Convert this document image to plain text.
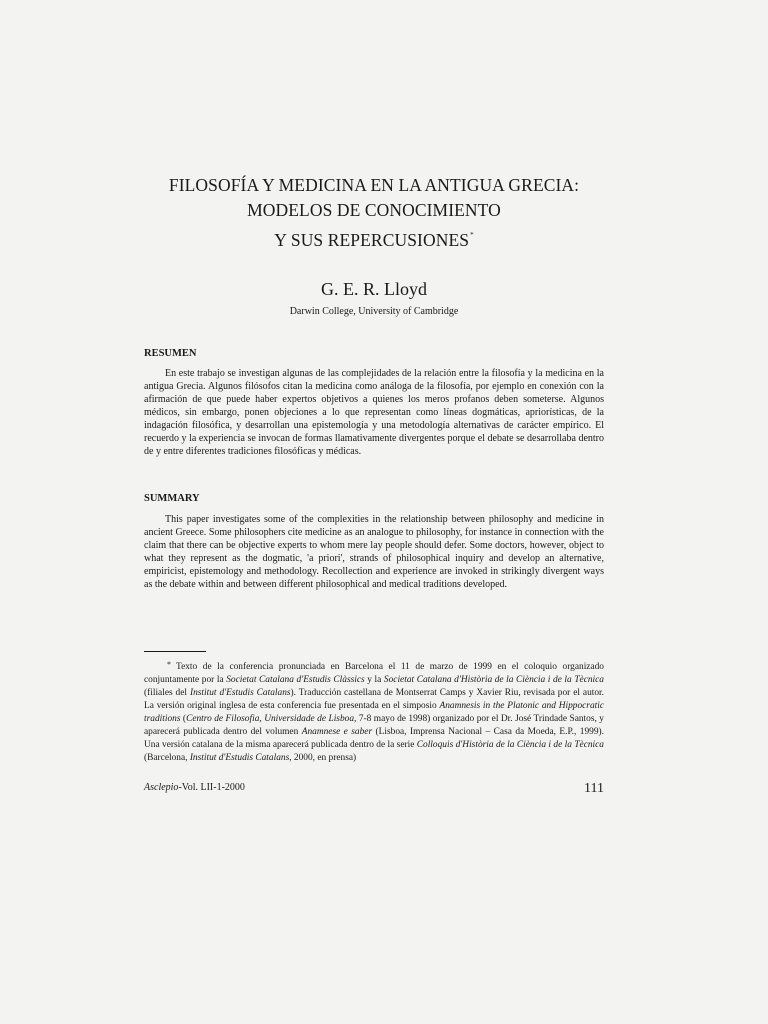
FILOSOFÍA Y MEDICINA EN LA ANTIGUA GRECIA:
MODELOS DE CONOCIMIENTO
Y SUS REPERCUSIONES*
G. E. R. Lloyd
Darwin College, University of Cambridge
RESUMEN
En este trabajo se investigan algunas de las complejidades de la relación entre la filosofía y la medicina en la antigua Grecia. Algunos filósofos citan la medicina como análoga de la filosofía, por ejemplo en conexión con la afirmación de que puede haber expertos objetivos a quienes los meros profanos deben someterse. Algunos médicos, sin embargo, ponen objeciones a lo que representan como líneas dogmáticas, apriorísticas, de la indagación filosófica, y desarrollan una epistemología y una metodología alternativas de carácter empírico. El recuerdo y la experiencia se invocan de formas llamativamente divergentes porque el debate se desarrollaba dentro de y entre diferentes tradiciones filosóficas y médicas.
SUMMARY
This paper investigates some of the complexities in the relationship between philosophy and medicine in ancient Greece. Some philosophers cite medicine as an analogue to philosophy, for instance in connection with the claim that there can be objective experts to whom mere lay people should defer. Some doctors, however, object to what they represent as the dogmatic, 'a priori', strands of philosophical inquiry and develop an alternative, empiricist, epistemology and methodology. Recollection and experience are invoked in strikingly divergent ways as the debate within and between different philosophical and medical traditions developed.
* Texto de la conferencia pronunciada en Barcelona el 11 de marzo de 1999 en el coloquio organizado conjuntamente por la Societat Catalana d'Estudis Clàssics y la Societat Catalana d'Història de la Ciència i de la Tècnica (filiales del Institut d'Estudis Catalans). Traducción castellana de Montserrat Camps y Xavier Riu, revisada por el autor. La versión original inglesa de esta conferencia fue presentada en el simposio Anamnesis in the Platonic and Hippocratic traditions (Centro de Filosofia, Universidade de Lisboa, 7-8 mayo de 1998) organizado por el Dr. José Trindade Santos, y aparecerá publicada dentro del volumen Anamnese e saber (Lisboa, Imprensa Nacional – Casa da Moeda, E.P., 1999). Una versión catalana de la misma aparecerá publicada dentro de la serie Colloquis d'Història de la Ciència i de la Tècnica (Barcelona, Institut d'Estudis Catalans, 2000, en prensa)
Asclepio-Vol. LII-1-2000	111
